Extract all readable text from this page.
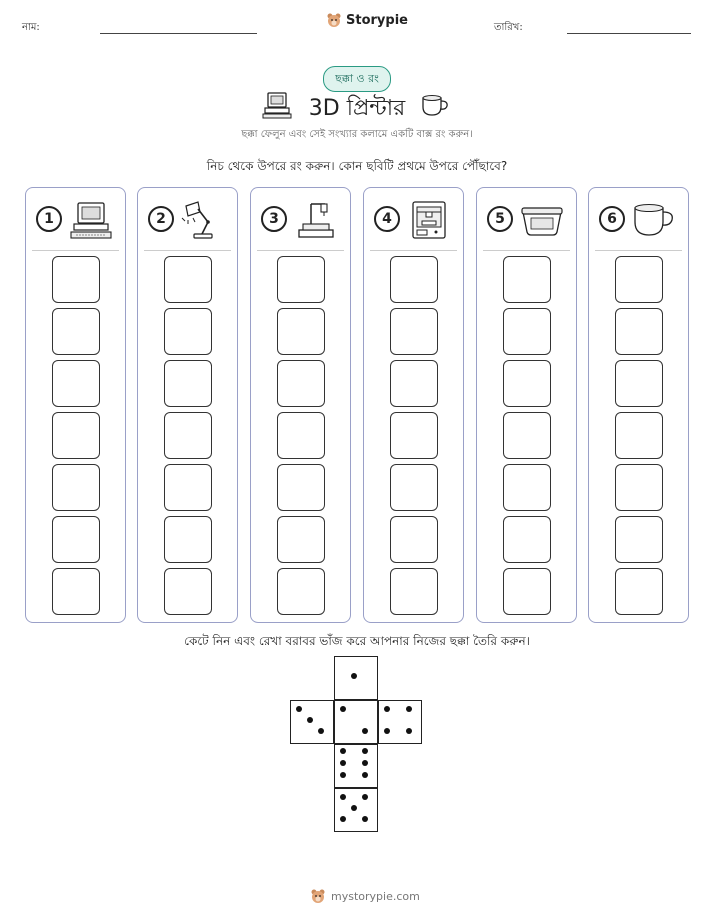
নাম:	Storypie	তারিখ:
ছক্কা ও রং
3D প্রিন্টার
ছক্কা ফেলুন এবং সেই সংখ্যার কলামে একটি বাক্স রং করুন।
নিচ থেকে উপরে রং করুন। কোন ছবিটি প্রথমে উপরে পৌঁছাবে?
1	2	3	4	5	6
কেটে নিন এবং রেখা বরাবর ভাঁজ করে আপনার নিজের ছক্কা তৈরি করুন।
mystorypie.com
